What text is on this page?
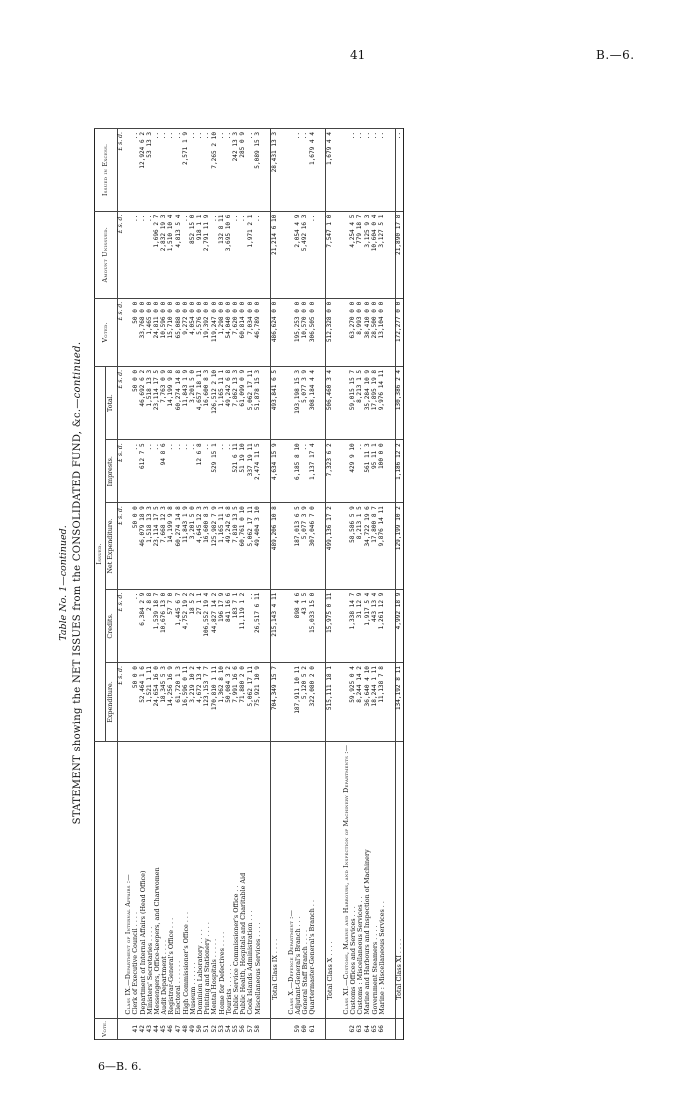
41	B.—6.
Table No. 1—continued. STATEMENT showing the NET ISSUES from the CONSOLIDATED FUND, &c.—continued.
Vote.		Issued.					Voted.	Amount Unissued.	Issued in Excess.
		Expenditure.	Credits.	Net Expenditure.	Imprests.	Total.			
		£ s. d.	£ s. d.	£ s. d.	£ s. d.	£ s. d.	£ s. d.	£ s. d.	£ s. d.
	Class IX.—Department of Internal Affairs :—								
41	Clerk of Executive Council . . . .	50 0 0	..	50 0 0	..	50 0 0	50 0 0	..	..
42	Department of Internal Affairs (Head Office)	52,464 1 6	6,384 2 9	46,079 18 9	612 7 5	46,692 6 2	33,768 0 0	..	12,924 6 2
43	Ministers' Secretaries . . . .	1,521 1 11	2 8 8	1,518 13 3	..	1,518 13 3	1,465 0 0	..	53 13 3
44	Messengers, Office-keepers, and Charwomen	24,654 16 0	1,539 18 7	23,114 17 5	..	23,114 17 5	24,811 0 0	1,696 2 7	..
45	Audit Department . . . .	18,345 5 3	10,676 13 0	7,668 12 3	94 8 6	7,763 0 9	10,596 0 0	2,832 19 3	..
46	Registrar-General's Office . . .	14,256 16 9	57 7 0	14,199 9 8	..	14,199 9 8	15,710 0 0	1,510 10 4	..
47	Electoral . . . . . .	61,720 1 3	1,445 6 7	60,274 14 8	..	60,274 14 8	65,088 0 0	4,813 5 4	..
48	High Commissioner's Office . . .	16,596 0 11	4,752 19 2	11,843 1 9	..	11,843 1 9	9,272 0 0	..	2,571 1 9
49	Museum . . . . . .	3,219 10 2	18 5 2	3,201 5 0	..	3,201 5 0	4,054 0 0	852 15 0	..
50	Dominion Laboratory . . . .	4,672 13 4	27 1 1	4,645 12 3	12 6 8	4,657 18 11	5,576 0 0	918 1 1	..
51	Printing and Stationery . . . .	123,153 7 7	106,552 19 4	16,600 8 3	..	16,600 8 3	19,392 0 0	2,791 11 9	..
52	Mental Hospitals . . . . .	170,810 1 11	44,827 14 2	125,982 7 9	529 15 1	126,512 2 10	119,247 0 0	..	7,265 2 10
53	Home for Defectives . . . .	1,362 8 10	196 17 9	1,165 11 1	..	1,165 11 1	1,298 0 0	132 8 11	..
54	Tourists . . . . . .	50,084 3 2	841 16 6	49,242 6 8	..	49,242 6 8	54,040 0 0	3,695 10 6	..
55	Public Service Commissioner's Office . .	7,991 16 6	183 7 1	7,810 13 5	521 6 11	7,862 13 3	7,620 0 0	..	242 13 3
56	Public Health, Hospitals and Charitable Aid	71,880 2 0	11,119 1 2	60,761 0 10	51 19 10	61,099 0 9	60,814 0 0	..	285 0 9
57	Cook Islands Administration . . .	5,062 17 11	..	5,062 17 11	337 19 11	5,062 17 11	7,034 0 0	1,971 2 1	..
58	Miscellaneous Services . . . .	75,921 10 9	26,517 6 11	49,404 3 10	2,474 11 5	51,878 15 3	46,789 0 0	..	5,089 15 3

	Total Class IX . . . .	704,349 15 7	215,143 4 11	489,206 10 8	4,634 15 9	493,841 6 5	486,624 0 0	21,214 6 10	28,431 13 3

	Class X.—Defence Department :—								
59	Adjutant-General's Branch . . .	187,911 10 11	898 4 6	187,013 6 5	6,185 8 10	193,198 15 3	195,253 0 0	2,054 4 9	..
60	General Staff Branch . . . .	5,120 5 2	43 1 5	5,077 3 9	..	5,077 3 9	10,570 0 0	5,492 16 3	..
61	Quartermaster-General's Branch . .	322,080 2 0	15,033 15 0	307,046 7 0	1,137 17 4	308,184 4 4	306,505 0 0	..	1,679 4 4

	Total Class X . . . .	515,111 18 1	15,975 0 11	499,136 17 2	7,323 6 2	506,460 3 4	512,328 0 0	7,547 1 0	1,679 4 4

	Class XI.—Customs, Marine and Harbours, and Inspection of Machinery Departments :—								
62	Customs Offices and Services . . .	59,925 0 4	1,338 14 7	58,586 5 9	429 9 10	59,015 15 7	63,270 0 0	4,254 4 5	..
63	Customs : Miscellaneous Services . .	8,244 14 2	31 12 9	8,213 1 5	..	8,213 1 5	8,993 0 0	779 18 7	..
64	Marine and Harbours and Inspection of Machinery	36,640 4 10	1,917 5 4	34,722 19 6	561 11 3	35,284 10 9	38,410 0 0	3,125 9 3	..
65	Government Steamers . . . .	18,244 1 11	443 13 4	17,800 8 7	95 11 1	17,895 19 8	28,500 0 0	10,604 0 4	..
66	Marine : Miscellaneous Services . .	11,138 7 8	1,261 12 9	9,876 14 11	100 0 0	9,976 14 11	13,104 0 0	3,127 5 1	..

	Total Class XI . . . .	134,192 8 11	4,992 18 9	129,199 10 2	1,186 12 2	130,386 2 4	172,277 0 0	21,890 17 8	..
6—B. 6.
